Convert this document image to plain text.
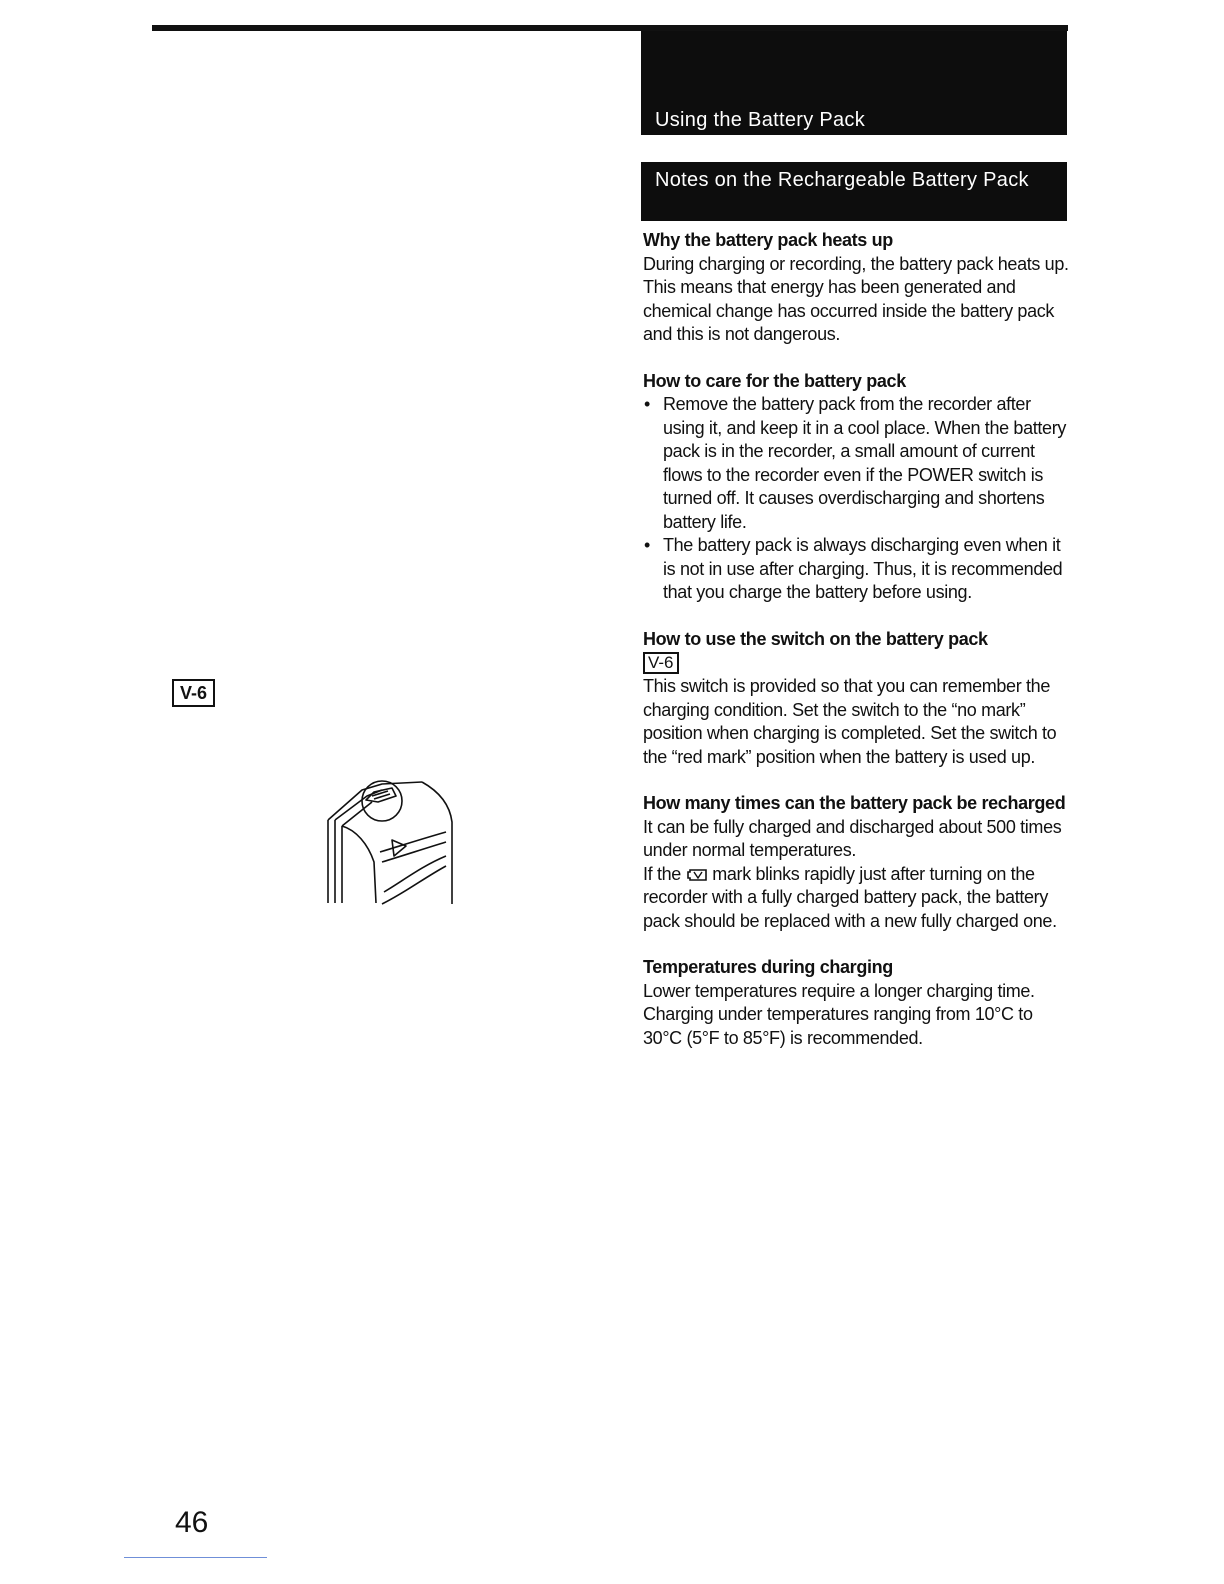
Using the Battery Pack
Notes on the Rechargeable Battery Pack
V-6
Why the battery pack heats up

During charging or recording, the battery pack heats up. This means that energy has been generated and chemical change has occurred inside the battery pack and this is not dangerous.

How to care for the battery pack
• Remove the battery pack from the recorder after using it, and keep it in a cool place. When the battery pack is in the recorder, a small amount of current flows to the recorder even if the POWER switch is turned off. It causes overdischarging and shortens battery life.
• The battery pack is always discharging even when it is not in use after charging. Thus, it is recommended that you charge the battery before using.
How to use the switch on the battery pack
V-6

This switch is provided so that you can remember the charging condition. Set the switch to the “no mark” position when charging is completed. Set the switch to the “red mark” position when the battery is used up.

How many times can the battery pack be recharged

It can be fully charged and discharged about 500 times under normal temperatures.

If the mark blinks rapidly just after turning on the recorder with a fully charged battery pack, the battery pack should be replaced with a new fully charged one.

Temperatures during charging

Lower temperatures require a longer charging time. Charging under temperatures ranging from 10°C to 30°C (5°F to 85°F) is recommended.

46
